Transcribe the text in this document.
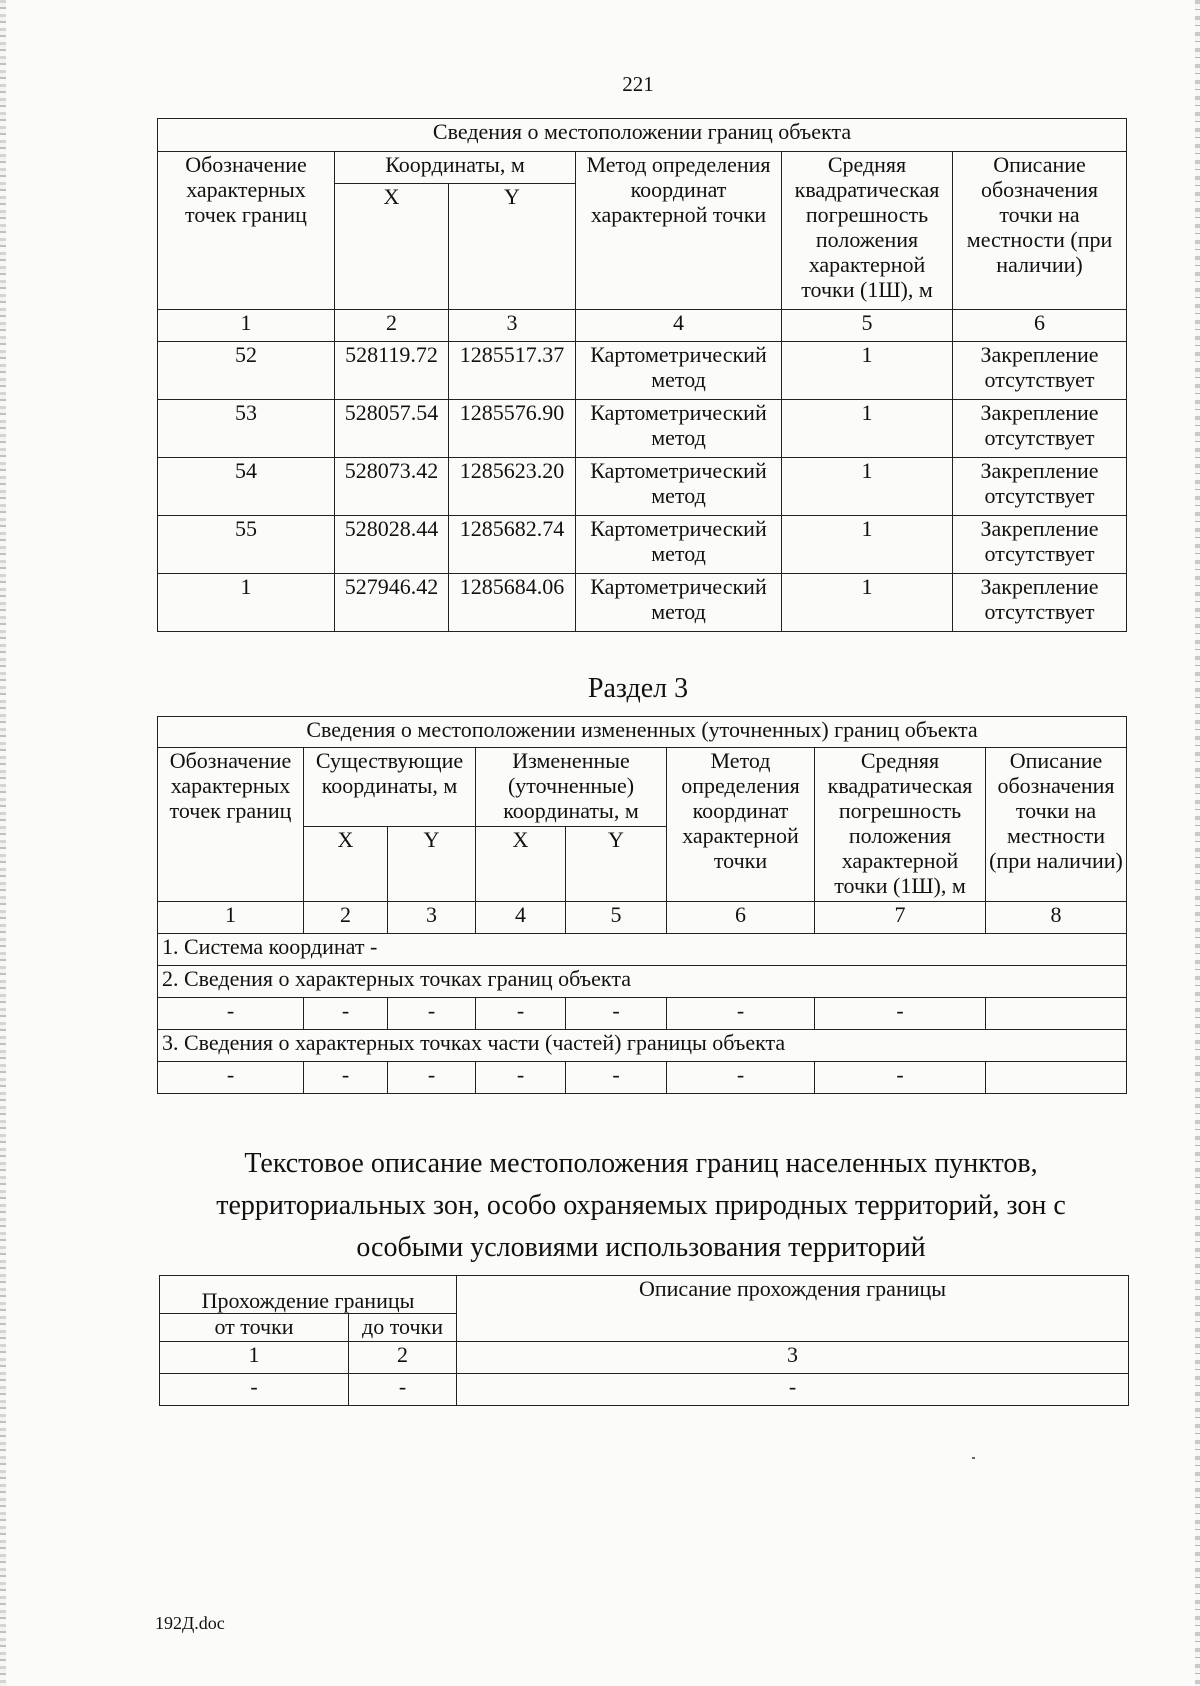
221
Сведения о местоположении границ объекта					
Обозначение характерных точек границ	Координаты, м		Метод определения координат характерной точки	Средняя квадратическая погрешность положения характерной точки (1Ш), м	Описание обозначения точки на местности (при наличии)
	X	Y			
1	2	3	4	5	6
52	528119.72	1285517.37	Картометрический метод	1	Закрепление отсутствует
53	528057.54	1285576.90	Картометрический метод	1	Закрепление отсутствует
54	528073.42	1285623.20	Картометрический метод	1	Закрепление отсутствует
55	528028.44	1285682.74	Картометрический метод	1	Закрепление отсутствует
1	527946.42	1285684.06	Картометрический метод	1	Закрепление отсутствует
Раздел 3
Сведения о местоположении измененных (уточненных) границ объекта							
Обозначение характерных точек границ	Существующие координаты, м		Измененные (уточненные) координаты, м		Метод определения координат характерной точки	Средняя квадратическая погрешность положения характерной точки (1Ш), м	Описание обозначения точки на местности (при наличии)
	X	Y	X	Y			
1	2	3	4	5	6	7	8
1. Система координат -							
2. Сведения о характерных точках границ объекта							
-	-	-	-	-	-	-	
3. Сведения о характерных точках части (частей) границы объекта							
-	-	-	-	-	-	-	
Текстовое описание местоположения границ населенных пунктов,
территориальных зон, особо охраняемых природных территорий, зон с
особыми условиями использования территорий
Прохождение границы		Описание прохождения границы
от точки	до точки	
1	2	3
-	-	-
192Д.doc
